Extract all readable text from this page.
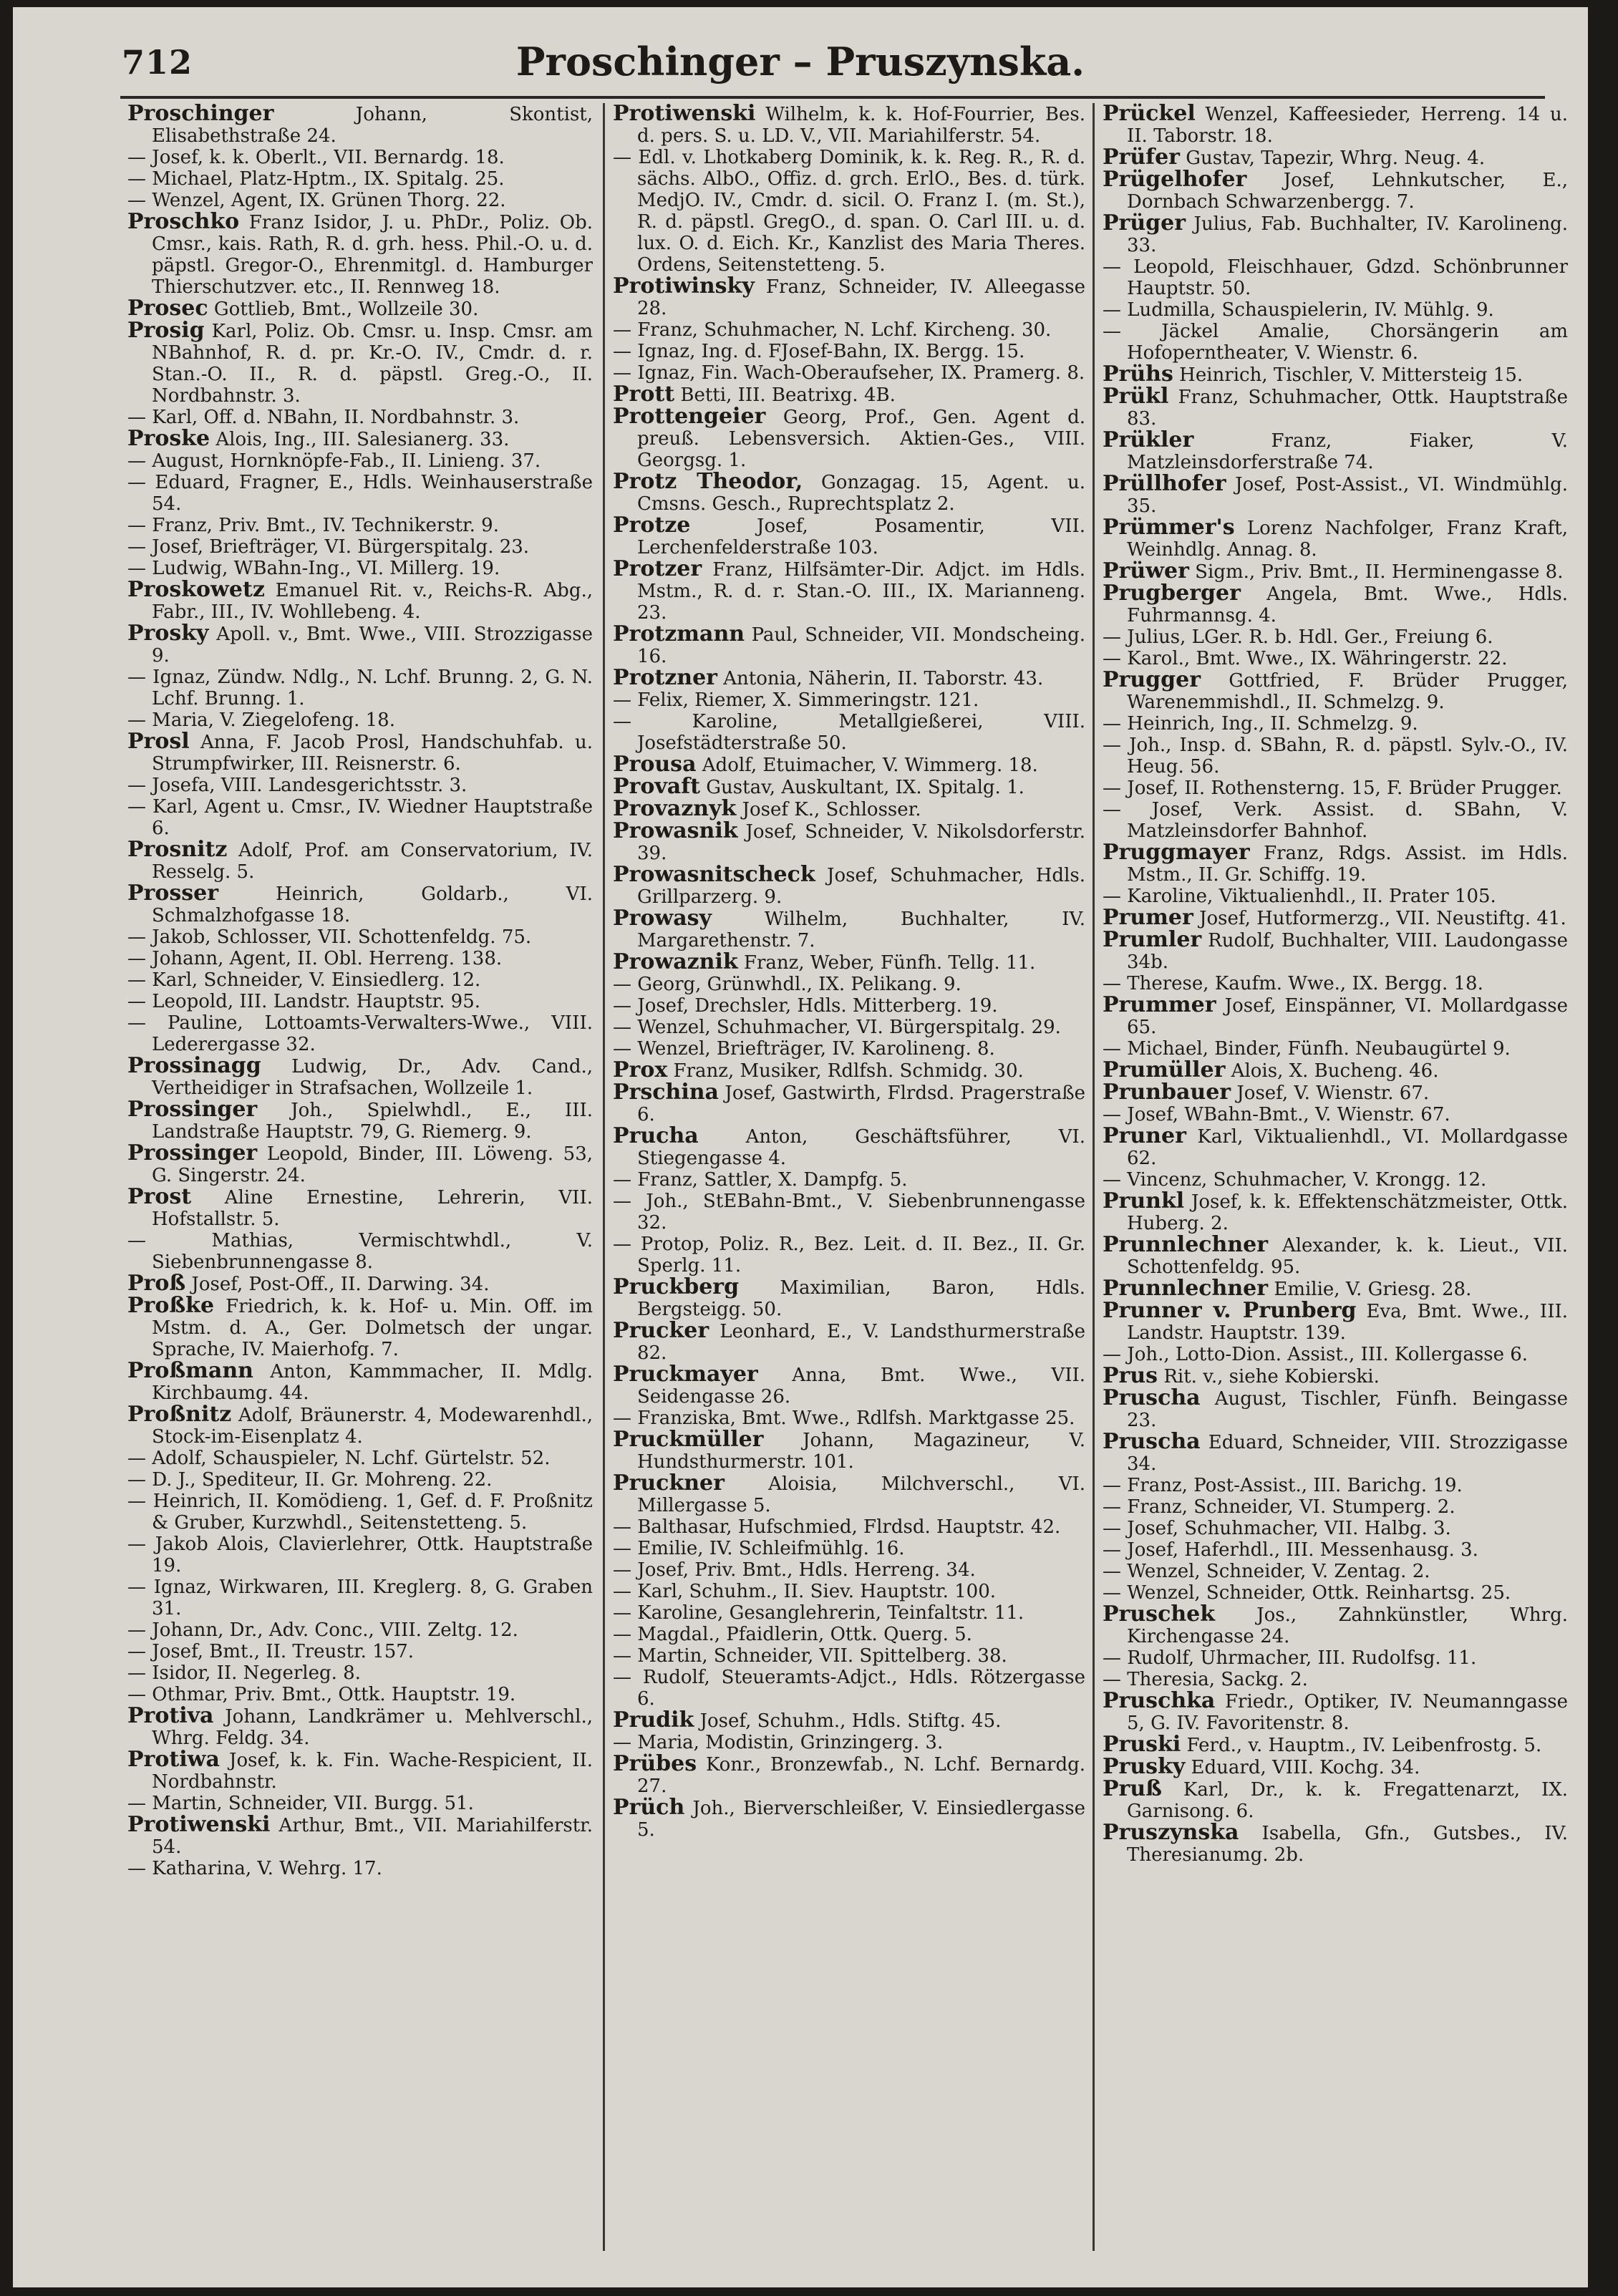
712	Proschinger – Pruszynska.

Proschinger Johann, Skontist, Elisabethstraße 24.

— Josef, k. k. Oberlt., VII. Bernardg. 18.

— Michael, Platz-Hptm., IX. Spitalg. 25.

— Wenzel, Agent, IX. Grünen Thorg. 22.

Proschko Franz Isidor, J. u. PhDr., Poliz. Ob. Cmsr., kais. Rath, R. d. grh. hess. Phil.-O. u. d. päpstl. Gregor-O., Ehrenmitgl. d. Hamburger Thierschutzver. etc., II. Rennweg 18.

Prosec Gottlieb, Bmt., Wollzeile 30.

Prosig Karl, Poliz. Ob. Cmsr. u. Insp. Cmsr. am NBahnhof, R. d. pr. Kr.-O. IV., Cmdr. d. r. Stan.-O. II., R. d. päpstl. Greg.-O., II. Nordbahnstr. 3.

— Karl, Off. d. NBahn, II. Nordbahnstr. 3.

Proske Alois, Ing., III. Salesianerg. 33.

— August, Hornknöpfe-Fab., II. Linieng. 37.

— Eduard, Fragner, E., Hdls. Weinhauserstraße 54.

— Franz, Priv. Bmt., IV. Technikerstr. 9.

— Josef, Briefträger, VI. Bürgerspitalg. 23.

— Ludwig, WBahn-Ing., VI. Millerg. 19.

Proskowetz Emanuel Rit. v., Reichs-R. Abg., Fabr., III., IV. Wohllebeng. 4.

Prosky Apoll. v., Bmt. Wwe., VIII. Strozzigasse 9.

— Ignaz, Zündw. Ndlg., N. Lchf. Brunng. 2, G. N. Lchf. Brunng. 1.

— Maria, V. Ziegelofeng. 18.

Prosl Anna, F. Jacob Prosl, Handschuhfab. u. Strumpfwirker, III. Reisnerstr. 6.

— Josefa, VIII. Landesgerichtsstr. 3.

— Karl, Agent u. Cmsr., IV. Wiedner Hauptstraße 6.

Prosnitz Adolf, Prof. am Conservatorium, IV. Resselg. 5.

Prosser Heinrich, Goldarb., VI. Schmalzhofgasse 18.

— Jakob, Schlosser, VII. Schottenfeldg. 75.

— Johann, Agent, II. Obl. Herreng. 138.

— Karl, Schneider, V. Einsiedlerg. 12.

— Leopold, III. Landstr. Hauptstr. 95.

— Pauline, Lottoamts-Verwalters-Wwe., VIII. Lederergasse 32.

Prossinagg Ludwig, Dr., Adv. Cand., Vertheidiger in Strafsachen, Wollzeile 1.

Prossinger Joh., Spielwhdl., E., III. Landstraße Hauptstr. 79, G. Riemerg. 9.

Prossinger Leopold, Binder, III. Löweng. 53, G. Singerstr. 24.

Prost Aline Ernestine, Lehrerin, VII. Hofstallstr. 5.

— Mathias, Vermischtwhdl., V. Siebenbrunnengasse 8.

Proß Josef, Post-Off., II. Darwing. 34.

Proßke Friedrich, k. k. Hof- u. Min. Off. im Mstm. d. A., Ger. Dolmetsch der ungar. Sprache, IV. Maierhofg. 7.

Proßmann Anton, Kammmacher, II. Mdlg. Kirchbaumg. 44.

Proßnitz Adolf, Bräunerstr. 4, Modewarenhdl., Stock-im-Eisenplatz 4.

— Adolf, Schauspieler, N. Lchf. Gürtelstr. 52.

— D. J., Spediteur, II. Gr. Mohreng. 22.

— Heinrich, II. Komödieng. 1, Gef. d. F. Proßnitz & Gruber, Kurzwhdl., Seitenstetteng. 5.

— Jakob Alois, Clavierlehrer, Ottk. Hauptstraße 19.

— Ignaz, Wirkwaren, III. Kreglerg. 8, G. Graben 31.

— Johann, Dr., Adv. Conc., VIII. Zeltg. 12.

— Josef, Bmt., II. Treustr. 157.

— Isidor, II. Negerleg. 8.

— Othmar, Priv. Bmt., Ottk. Hauptstr. 19.

Protiva Johann, Landkrämer u. Mehlverschl., Whrg. Feldg. 34.

Protiwa Josef, k. k. Fin. Wache-Respicient, II. Nordbahnstr.

— Martin, Schneider, VII. Burgg. 51.

Protiwenski Arthur, Bmt., VII. Mariahilferstr. 54.

— Katharina, V. Wehrg. 17.

Protiwenski Wilhelm, k. k. Hof-Fourrier, Bes. d. pers. S. u. LD. V., VII. Mariahilferstr. 54.

— Edl. v. Lhotkaberg Dominik, k. k. Reg. R., R. d. sächs. AlbO., Offiz. d. grch. ErlO., Bes. d. türk. MedjO. IV., Cmdr. d. sicil. O. Franz I. (m. St.), R. d. päpstl. GregO., d. span. O. Carl III. u. d. lux. O. d. Eich. Kr., Kanzlist des Maria Theres. Ordens, Seitenstetteng. 5.

Protiwinsky Franz, Schneider, IV. Alleegasse 28.

— Franz, Schuhmacher, N. Lchf. Kircheng. 30.

— Ignaz, Ing. d. FJosef-Bahn, IX. Bergg. 15.

— Ignaz, Fin. Wach-Oberaufseher, IX. Pramerg. 8.

Prott Betti, III. Beatrixg. 4B.

Prottengeier Georg, Prof., Gen. Agent d. preuß. Lebensversich. Aktien-Ges., VIII. Georgsg. 1.

Protz Theodor, Gonzagag. 15, Agent. u. Cmsns. Gesch., Ruprechtsplatz 2.

Protze Josef, Posamentir, VII. Lerchenfelderstraße 103.

Protzer Franz, Hilfsämter-Dir. Adjct. im Hdls. Mstm., R. d. r. Stan.-O. III., IX. Marianneng. 23.

Protzmann Paul, Schneider, VII. Mondscheing. 16.

Protzner Antonia, Näherin, II. Taborstr. 43.

— Felix, Riemer, X. Simmeringstr. 121.

— Karoline, Metallgießerei, VIII. Josefstädterstraße 50.

Prousa Adolf, Etuimacher, V. Wimmerg. 18.

Provaft Gustav, Auskultant, IX. Spitalg. 1.

Provaznyk Josef K., Schlosser.

Prowasnik Josef, Schneider, V. Nikolsdorferstr. 39.

Prowasnitscheck Josef, Schuhmacher, Hdls. Grillparzerg. 9.

Prowasy Wilhelm, Buchhalter, IV. Margarethenstr. 7.

Prowaznik Franz, Weber, Fünfh. Tellg. 11.

— Georg, Grünwhdl., IX. Pelikang. 9.

— Josef, Drechsler, Hdls. Mitterberg. 19.

— Wenzel, Schuhmacher, VI. Bürgerspitalg. 29.

— Wenzel, Briefträger, IV. Karolineng. 8.

Prox Franz, Musiker, Rdlfsh. Schmidg. 30.

Prschina Josef, Gastwirth, Flrdsd. Pragerstraße 6.

Prucha Anton, Geschäftsführer, VI. Stiegengasse 4.

— Franz, Sattler, X. Dampfg. 5.

— Joh., StEBahn-Bmt., V. Siebenbrunnengasse 32.

— Protop, Poliz. R., Bez. Leit. d. II. Bez., II. Gr. Sperlg. 11.

Pruckberg Maximilian, Baron, Hdls. Bergsteigg. 50.

Prucker Leonhard, E., V. Landsthurmerstraße 82.

Pruckmayer Anna, Bmt. Wwe., VII. Seidengasse 26.

— Franziska, Bmt. Wwe., Rdlfsh. Marktgasse 25.

Pruckmüller Johann, Magazineur, V. Hundsthurmerstr. 101.

Pruckner Aloisia, Milchverschl., VI. Millergasse 5.

— Balthasar, Hufschmied, Flrdsd. Hauptstr. 42.

— Emilie, IV. Schleifmühlg. 16.

— Josef, Priv. Bmt., Hdls. Herreng. 34.

— Karl, Schuhm., II. Siev. Hauptstr. 100.

— Karoline, Gesanglehrerin, Teinfaltstr. 11.

— Magdal., Pfaidlerin, Ottk. Querg. 5.

— Martin, Schneider, VII. Spittelberg. 38.

— Rudolf, Steueramts-Adjct., Hdls. Rötzergasse 6.

Prudik Josef, Schuhm., Hdls. Stiftg. 45.

— Maria, Modistin, Grinzingerg. 3.

Prübes Konr., Bronzewfab., N. Lchf. Bernardg. 27.

Prüch Joh., Bierverschleißer, V. Einsiedlergasse 5.

Prückel Wenzel, Kaffeesieder, Herreng. 14 u. II. Taborstr. 18.

Prüfer Gustav, Tapezir, Whrg. Neug. 4.

Prügelhofer Josef, Lehnkutscher, E., Dornbach Schwarzenbergg. 7.

Prüger Julius, Fab. Buchhalter, IV. Karolineng. 33.

— Leopold, Fleischhauer, Gdzd. Schönbrunner Hauptstr. 50.

— Ludmilla, Schauspielerin, IV. Mühlg. 9.

— Jäckel Amalie, Chorsängerin am Hofoperntheater, V. Wienstr. 6.

Prühs Heinrich, Tischler, V. Mittersteig 15.

Prükl Franz, Schuhmacher, Ottk. Hauptstraße 83.

Prükler Franz, Fiaker, V. Matzleinsdorferstraße 74.

Prüllhofer Josef, Post-Assist., VI. Windmühlg. 35.

Prümmer's Lorenz Nachfolger, Franz Kraft, Weinhdlg. Annag. 8.

Prüwer Sigm., Priv. Bmt., II. Herminengasse 8.

Prugberger Angela, Bmt. Wwe., Hdls. Fuhrmannsg. 4.

— Julius, LGer. R. b. Hdl. Ger., Freiung 6.

— Karol., Bmt. Wwe., IX. Währingerstr. 22.

Prugger Gottfried, F. Brüder Prugger, Warenemmishdl., II. Schmelzg. 9.

— Heinrich, Ing., II. Schmelzg. 9.

— Joh., Insp. d. SBahn, R. d. päpstl. Sylv.-O., IV. Heug. 56.

— Josef, II. Rothensterng. 15, F. Brüder Prugger.

— Josef, Verk. Assist. d. SBahn, V. Matzleinsdorfer Bahnhof.

Pruggmayer Franz, Rdgs. Assist. im Hdls. Mstm., II. Gr. Schiffg. 19.

— Karoline, Viktualienhdl., II. Prater 105.

Prumer Josef, Hutformerzg., VII. Neustiftg. 41.

Prumler Rudolf, Buchhalter, VIII. Laudongasse 34b.

— Therese, Kaufm. Wwe., IX. Bergg. 18.

Prummer Josef, Einspänner, VI. Mollardgasse 65.

— Michael, Binder, Fünfh. Neubaugürtel 9.

Prumüller Alois, X. Bucheng. 46.

Prunbauer Josef, V. Wienstr. 67.

— Josef, WBahn-Bmt., V. Wienstr. 67.

Pruner Karl, Viktualienhdl., VI. Mollardgasse 62.

— Vincenz, Schuhmacher, V. Krongg. 12.

Prunkl Josef, k. k. Effektenschätzmeister, Ottk. Huberg. 2.

Prunnlechner Alexander, k. k. Lieut., VII. Schottenfeldg. 95.

Prunnlechner Emilie, V. Griesg. 28.

Prunner v. Prunberg Eva, Bmt. Wwe., III. Landstr. Hauptstr. 139.

— Joh., Lotto-Dion. Assist., III. Kollergasse 6.

Prus Rit. v., siehe Kobierski.

Pruscha August, Tischler, Fünfh. Beingasse 23.

Pruscha Eduard, Schneider, VIII. Strozzigasse 34.

— Franz, Post-Assist., III. Barichg. 19.

— Franz, Schneider, VI. Stumperg. 2.

— Josef, Schuhmacher, VII. Halbg. 3.

— Josef, Haferhdl., III. Messenhausg. 3.

— Wenzel, Schneider, V. Zentag. 2.

— Wenzel, Schneider, Ottk. Reinhartsg. 25.

Pruschek Jos., Zahnkünstler, Whrg. Kirchengasse 24.

— Rudolf, Uhrmacher, III. Rudolfsg. 11.

— Theresia, Sackg. 2.

Pruschka Friedr., Optiker, IV. Neumanngasse 5, G. IV. Favoritenstr. 8.

Pruski Ferd., v. Hauptm., IV. Leibenfrostg. 5.

Prusky Eduard, VIII. Kochg. 34.

Pruß Karl, Dr., k. k. Fregattenarzt, IX. Garnisong. 6.

Pruszynska Isabella, Gfn., Gutsbes., IV. Theresianumg. 2b.
